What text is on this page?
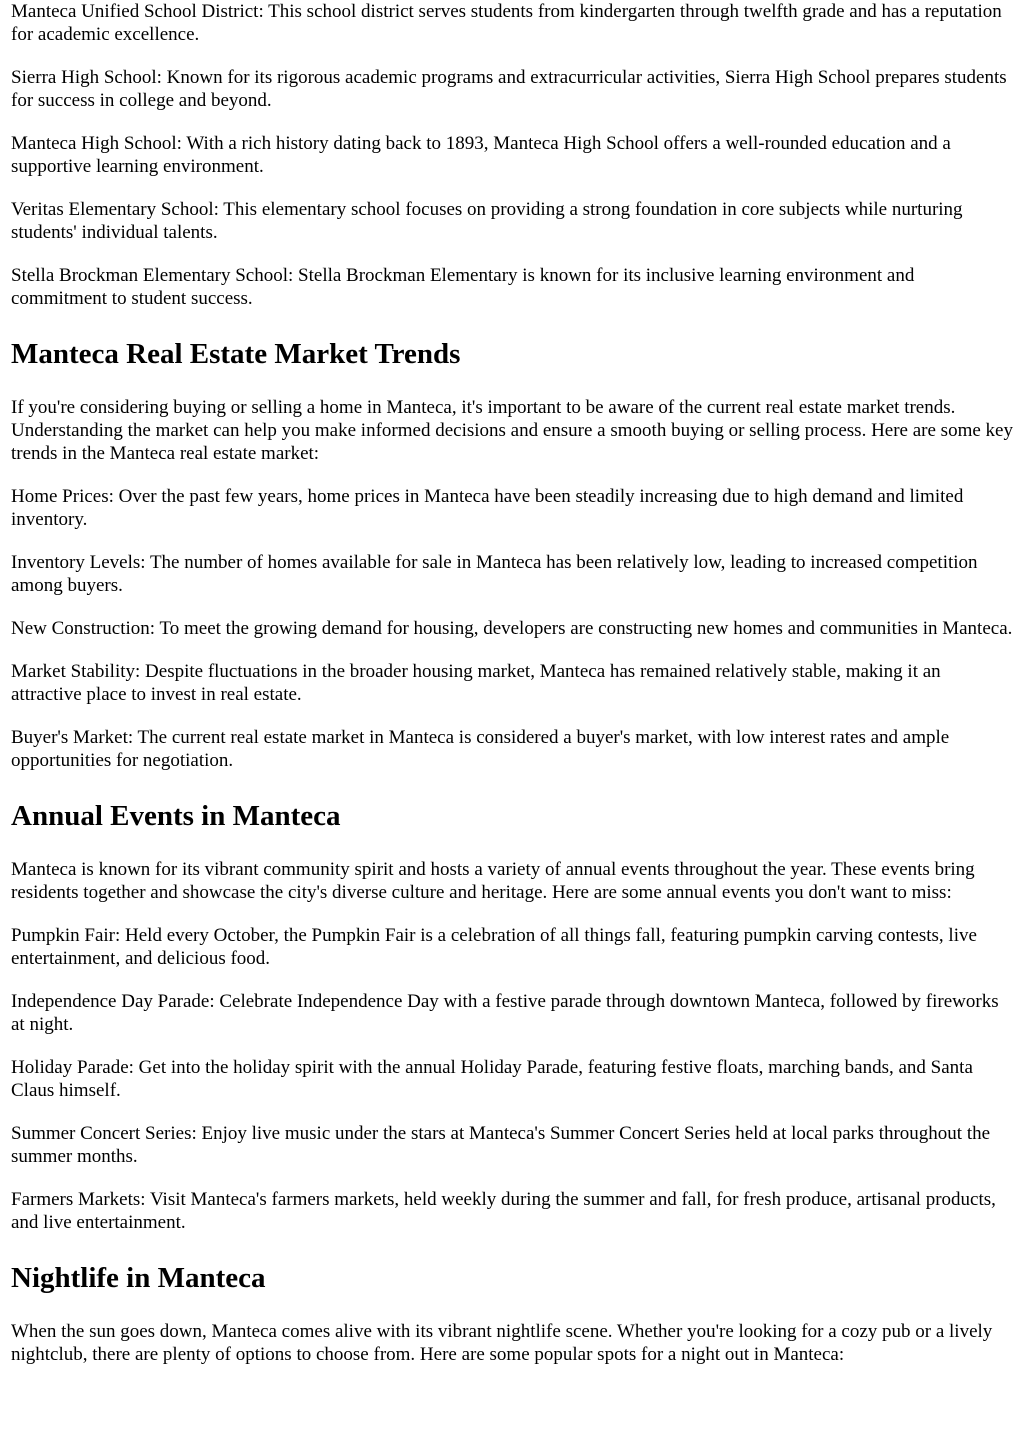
Manteca Unified School District: This school district serves students from kindergarten through twelfth grade and has a reputation for academic excellence.

Sierra High School: Known for its rigorous academic programs and extracurricular activities, Sierra High School prepares students for success in college and beyond.

Manteca High School: With a rich history dating back to 1893, Manteca High School offers a well-rounded education and a supportive learning environment.

Veritas Elementary School: This elementary school focuses on providing a strong foundation in core subjects while nurturing students' individual talents.

Stella Brockman Elementary School: Stella Brockman Elementary is known for its inclusive learning environment and commitment to student success.

Manteca Real Estate Market Trends

If you're considering buying or selling a home in Manteca, it's important to be aware of the current real estate market trends. Understanding the market can help you make informed decisions and ensure a smooth buying or selling process. Here are some key trends in the Manteca real estate market:

Home Prices: Over the past few years, home prices in Manteca have been steadily increasing due to high demand and limited inventory.

Inventory Levels: The number of homes available for sale in Manteca has been relatively low, leading to increased competition among buyers.

New Construction: To meet the growing demand for housing, developers are constructing new homes and communities in Manteca.

Market Stability: Despite fluctuations in the broader housing market, Manteca has remained relatively stable, making it an attractive place to invest in real estate.

Buyer's Market: The current real estate market in Manteca is considered a buyer's market, with low interest rates and ample opportunities for negotiation.

Annual Events in Manteca

Manteca is known for its vibrant community spirit and hosts a variety of annual events throughout the year. These events bring residents together and showcase the city's diverse culture and heritage. Here are some annual events you don't want to miss:

Pumpkin Fair: Held every October, the Pumpkin Fair is a celebration of all things fall, featuring pumpkin carving contests, live entertainment, and delicious food.

Independence Day Parade: Celebrate Independence Day with a festive parade through downtown Manteca, followed by fireworks at night.

Holiday Parade: Get into the holiday spirit with the annual Holiday Parade, featuring festive floats, marching bands, and Santa Claus himself.

Summer Concert Series: Enjoy live music under the stars at Manteca's Summer Concert Series held at local parks throughout the summer months.

Farmers Markets: Visit Manteca's farmers markets, held weekly during the summer and fall, for fresh produce, artisanal products, and live entertainment.

Nightlife in Manteca

When the sun goes down, Manteca comes alive with its vibrant nightlife scene. Whether you're looking for a cozy pub or a lively nightclub, there are plenty of options to choose from. Here are some popular spots for a night out in Manteca:
